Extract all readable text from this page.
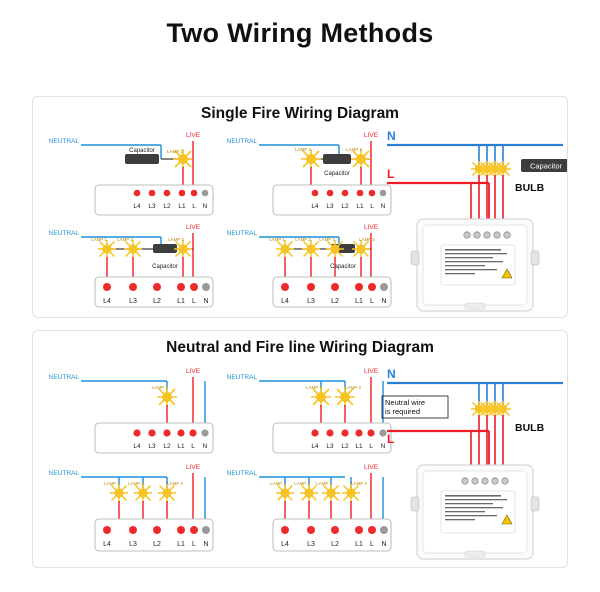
Two Wiring Methods
Single Fire Wiring Diagram
L4 L3 L2 L1 L N
NEUTRAL
LIVE
Capacitor	LAMP 1
L4 L3 L2 L1 L N
NEUTRAL
LIVE
Capacitor
LAMP 1	LAMP 2
L4	L3 L2 L1 L N
NEUTRAL
LIVE
Capacitor
LAMP 1 LAMP 2	LAMP 3
L4	L3 L2 L1 L N
NEUTRAL
LIVE
Capacitor
LAMP 1 LAMP 2 LAMP 3	LAMP 4
N
Capacitor
L
BULB
Neutral and Fire line Wiring Diagram
L4 L3 L2 L1 L N
NEUTRAL
LIVE
LAMP 1
L4 L3 L2 L1 L N
NEUTRAL
LIVE
LAMP 1	LAMP 2
L4	L3 L2 L1 L N
NEUTRAL
LIVE
LAMP 1 LAMP 2	LAMP 3
L4	L3 L2 L1 L N
NEUTRAL
LIVE
LAMP 1 LAMP 2 LAMP 3	LAMP 4
N
L
Neutral wire
is required
BULB
